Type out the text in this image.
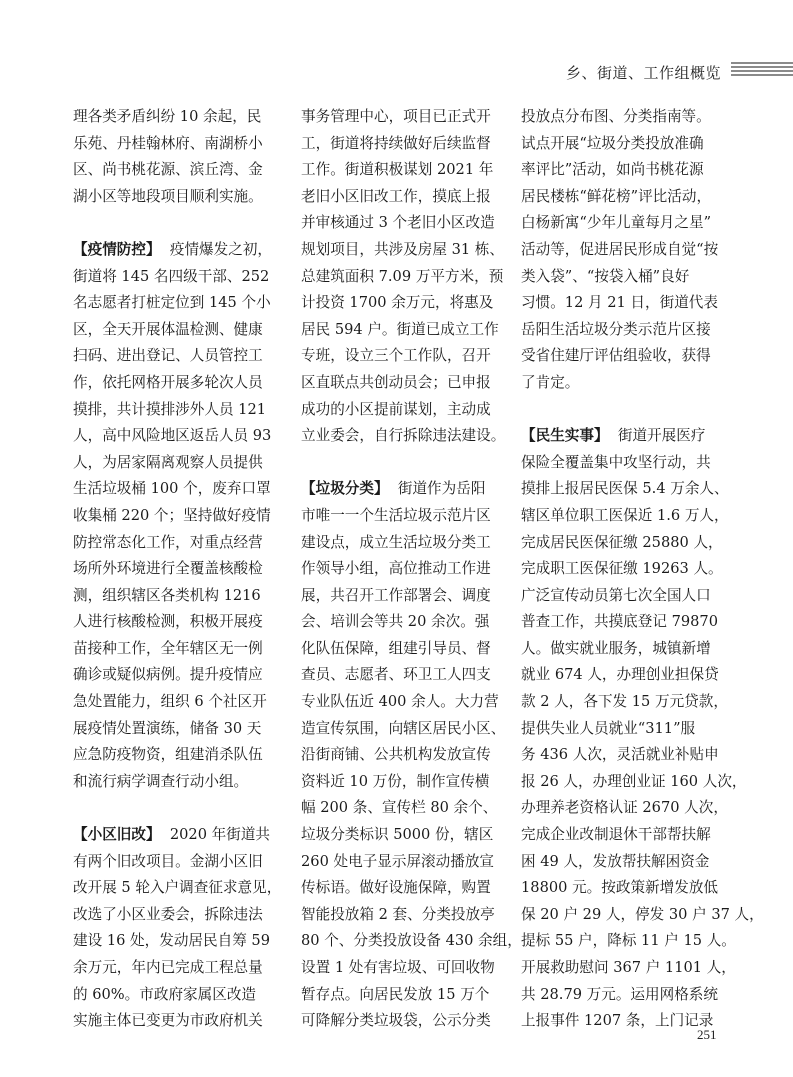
乡、街道、工作组概览
理各类矛盾纠纷 10 余起，民
乐苑、丹桂翰林府、南湖桥小
区、尚书桃花源、滨丘湾、金
湖小区等地段项目顺利实施。
【疫情防控】 疫情爆发之初，
街道将 145 名四级干部、252
名志愿者打桩定位到 145 个小
区，全天开展体温检测、健康
扫码、进出登记、人员管控工
作，依托网格开展多轮次人员
摸排，共计摸排涉外人员 121
人，高中风险地区返岳人员 93
人，为居家隔离观察人员提供
生活垃圾桶 100 个，废弃口罩
收集桶 220 个；坚持做好疫情
防控常态化工作，对重点经营
场所外环境进行全覆盖核酸检
测，组织辖区各类机构 1216
人进行核酸检测，积极开展疫
苗接种工作，全年辖区无一例
确诊或疑似病例。提升疫情应
急处置能力，组织 6 个社区开
展疫情处置演练，储备 30 天
应急防疫物资，组建消杀队伍
和流行病学调查行动小组。
【小区旧改】 2020 年街道共
有两个旧改项目。金湖小区旧
改开展 5 轮入户调查征求意见，
改选了小区业委会，拆除违法
建设 16 处，发动居民自筹 59
余万元，年内已完成工程总量
的 60%。市政府家属区改造
实施主体已变更为市政府机关
事务管理中心，项目已正式开
工，街道将持续做好后续监督
工作。街道积极谋划 2021 年
老旧小区旧改工作，摸底上报
并审核通过 3 个老旧小区改造
规划项目，共涉及房屋 31 栋、
总建筑面积 7.09 万平方米，预
计投资 1700 余万元，将惠及
居民 594 户。街道已成立工作
专班，设立三个工作队，召开
区直联点共创动员会；已申报
成功的小区提前谋划，主动成
立业委会，自行拆除违法建设。
【垃圾分类】 街道作为岳阳
市唯一一个生活垃圾示范片区
建设点，成立生活垃圾分类工
作领导小组，高位推动工作进
展，共召开工作部署会、调度
会、培训会等共 20 余次。强
化队伍保障，组建引导员、督
查员、志愿者、环卫工人四支
专业队伍近 400 余人。大力营
造宣传氛围，向辖区居民小区、
沿街商铺、公共机构发放宣传
资料近 10 万份，制作宣传横
幅 200 条、宣传栏 80 余个、
垃圾分类标识 5000 份，辖区
260 处电子显示屏滚动播放宣
传标语。做好设施保障，购置
智能投放箱 2 套、分类投放亭
80 个、分类投放设备 430 余组，
设置 1 处有害垃圾、可回收物
暂存点。向居民发放 15 万个
可降解分类垃圾袋，公示分类
投放点分布图、分类指南等。
试点开展“垃圾分类投放准确
率评比”活动，如尚书桃花源
居民楼栋“鲜花榜”评比活动，
白杨新寓“少年儿童每月之星”
活动等，促进居民形成自觉“按
类入袋”、“按袋入桶”良好
习惯。12 月 21 日，街道代表
岳阳生活垃圾分类示范片区接
受省住建厅评估组验收，获得
了肯定。
【民生实事】 街道开展医疗
保险全覆盖集中攻坚行动，共
摸排上报居民医保 5.4 万余人、
辖区单位职工医保近 1.6 万人，
完成居民医保征缴 25880 人，
完成职工医保征缴 19263 人。
广泛宣传动员第七次全国人口
普查工作，共摸底登记 79870
人。做实就业服务，城镇新增
就业 674 人，办理创业担保贷
款 2 人，各下发 15 万元贷款，
提供失业人员就业“311”服
务 436 人次，灵活就业补贴申
报 26 人，办理创业证 160 人次，
办理养老资格认证 2670 人次，
完成企业改制退休干部帮扶解
困 49 人，发放帮扶解困资金
18800 元。按政策新增发放低
保 20 户 29 人，停发 30 户 37 人，
提标 55 户，降标 11 户 15 人。
开展救助慰问 367 户 1101 人，
共 28.79 万元。运用网格系统
上报事件 1207 条，上门记录
251
